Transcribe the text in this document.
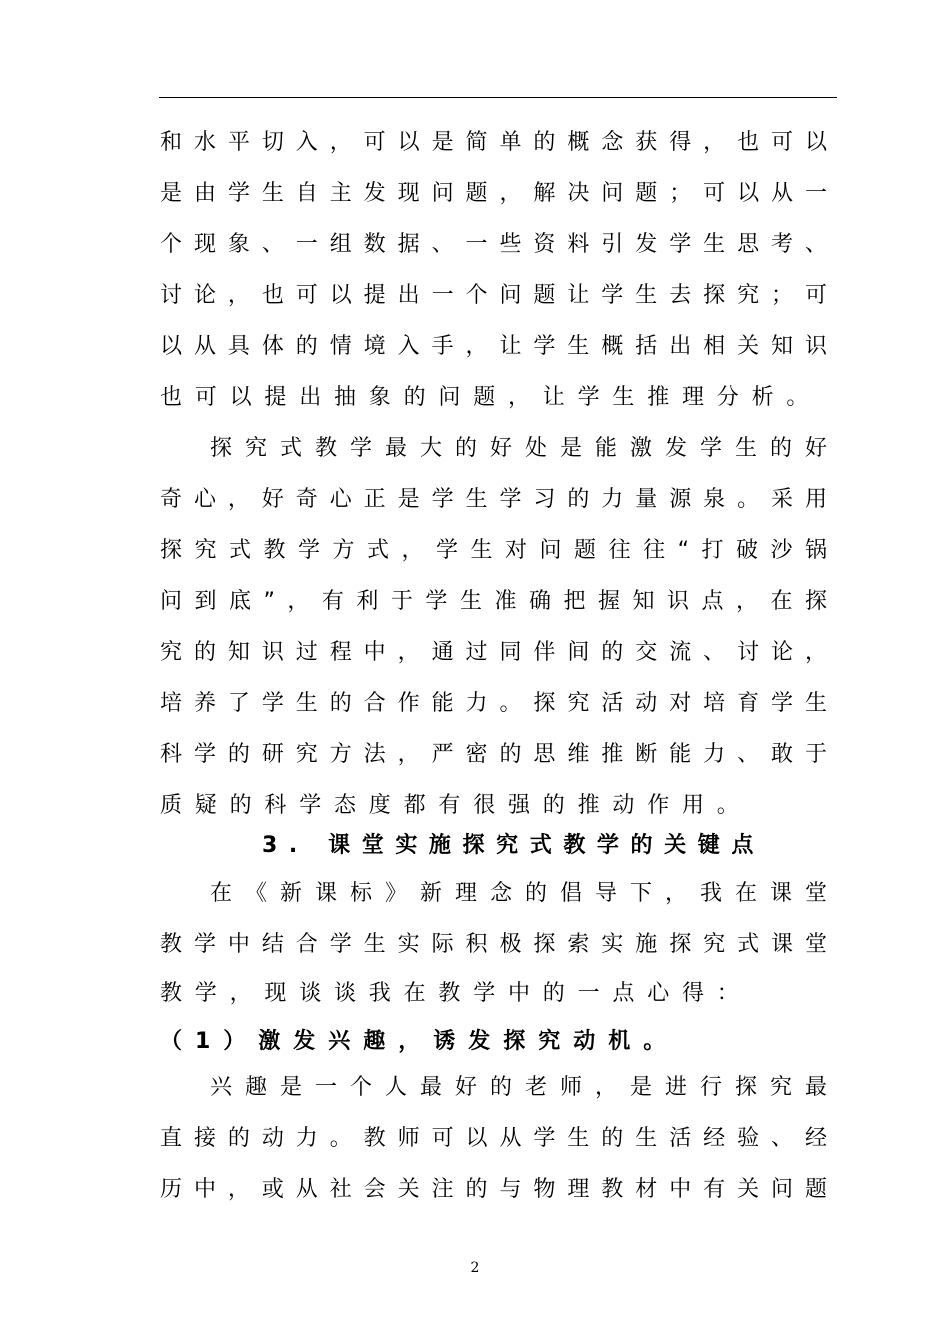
和水平切入，可以是简单的概念获得，也可以
是由学生自主发现问题，解决问题；可以从一
个现象、一组数据、一些资料引发学生思考、
讨论，也可以提出一个问题让学生去探究；可
以从具体的情境入手，让学生概括出相关知识
也可以提出抽象的问题，让学生推理分析。
探究式教学最大的好处是能激发学生的好
奇心，好奇心正是学生学习的力量源泉。采用
探究式教学方式，学生对问题往往“打破沙锅
问到底”，有利于学生准确把握知识点，在探
究的知识过程中，通过同伴间的交流、讨论，
培养了学生的合作能力。探究活动对培育学生
科学的研究方法，严密的思维推断能力、敢于
质疑的科学态度都有很强的推动作用。
3. 课堂实施探究式教学的关键点
在《新课标》新理念的倡导下，我在课堂
教学中结合学生实际积极探索实施探究式课堂
教学，现谈谈我在教学中的一点心得：
（1）激发兴趣，诱发探究动机。
兴趣是一个人最好的老师，是进行探究最
直接的动力。教师可以从学生的生活经验、经
历中，或从社会关注的与物理教材中有关问题
2
